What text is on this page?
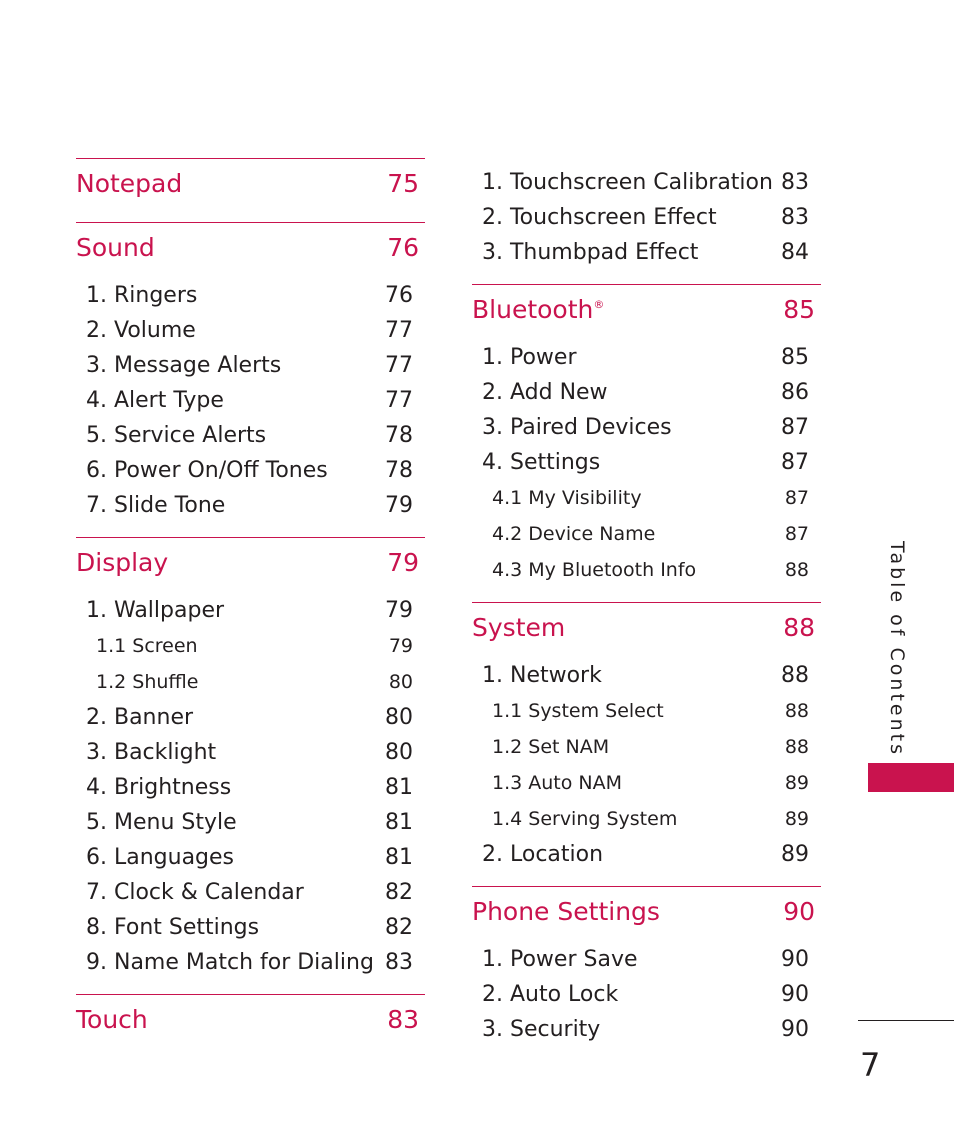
Notepad	75
Sound	76
1. Ringers	76
2. Volume	77
3. Message Alerts	77
4. Alert Type	77
5. Service Alerts	78
6. Power On/Off Tones	78
7. Slide Tone	79
Display	79
1. Wallpaper	79
1.1 Screen	79
1.2 Shuffle	80
2. Banner	80
3. Backlight	80
4. Brightness	81
5. Menu Style	81
6. Languages	81
7. Clock & Calendar	82
8. Font Settings	82
9. Name Match for Dialing 83
Touch	83
1. Touchscreen Calibration 83
2. Touchscreen Effect	83
3. Thumbpad Effect	84
Bluetooth®	85
1. Power	85
2. Add New	86
3. Paired Devices	87
4. Settings	87
4.1 My Visibility	87
4.2 Device Name	87
4.3 My Bluetooth Info	88
System	88
1. Network	88
1.1 System Select	88
1.2 Set NAM	88
1.3 Auto NAM	89
1.4 Serving System	89
2. Location	89
Phone Settings	90
1. Power Save	90
2. Auto Lock	90
3. Security	90
Table of Contents
7
